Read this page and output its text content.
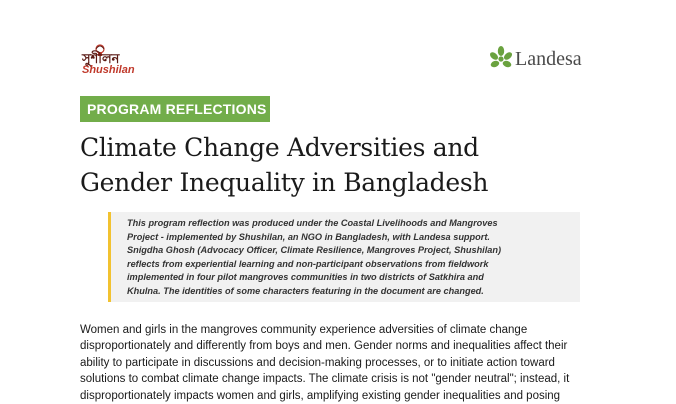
সুশীলন
Shushilan	Landesa
PROGRAM REFLECTIONS
Climate Change Adversities and
Gender Inequality in Bangladesh

This program reflection was produced under the Coastal Livelihoods and Mangroves

Project - implemented by Shushilan, an NGO in Bangladesh, with Landesa support.

Snigdha Ghosh (Advocacy Officer, Climate Resilience, Mangroves Project, Shushilan)

reflects from experiential learning and non-participant observations from fieldwork

implemented in four pilot mangroves communities in two districts of Satkhira and

Khulna. The identities of some characters featuring in the document are changed.

Women and girls in the mangroves community experience adversities of climate change
disproportionately and differently from boys and men. Gender norms and inequalities affect their
ability to participate in discussions and decision-making processes, or to initiate action toward
solutions to combat climate change impacts. The climate crisis is not "gender neutral"; instead, it
disproportionately impacts women and girls, amplifying existing gender inequalities and posing
